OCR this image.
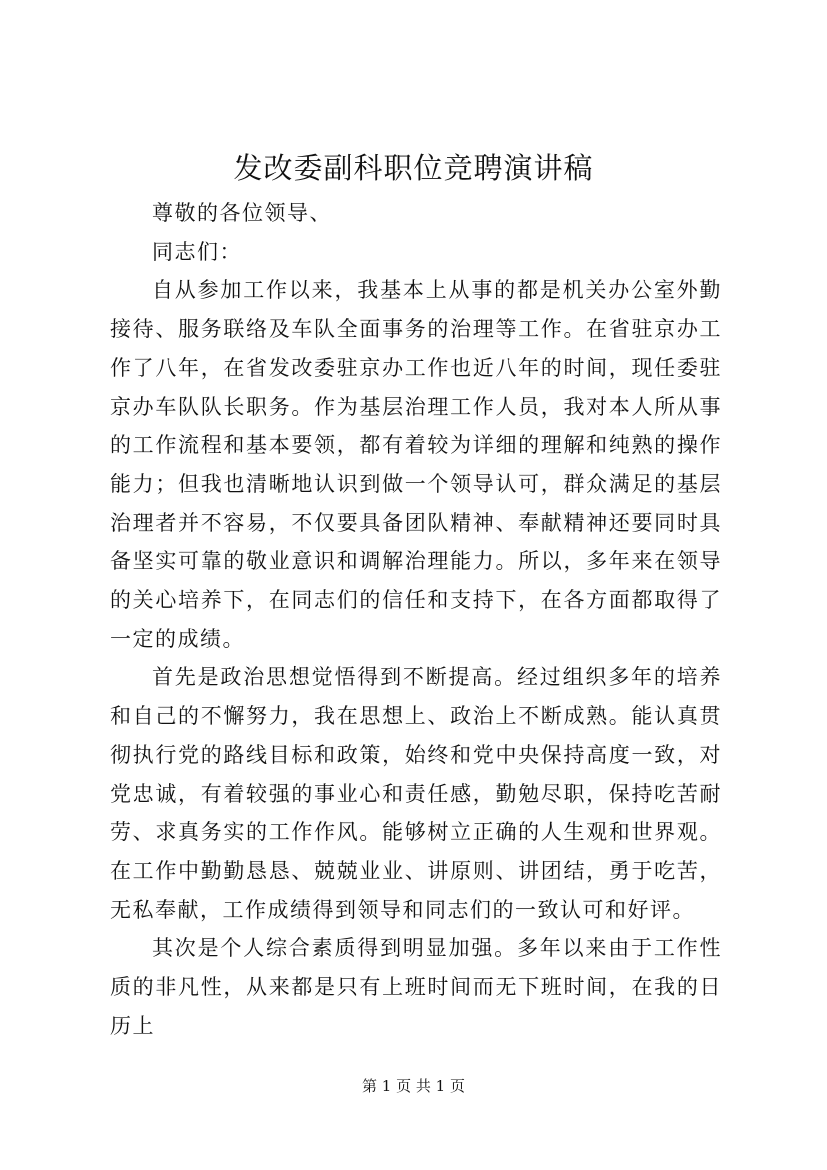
发改委副科职位竞聘演讲稿

尊敬的各位领导、

同志们：

自从参加工作以来，我基本上从事的都是机关办公室外勤接待、服务联络及车队全面事务的治理等工作。在省驻京办工作了八年，在省发改委驻京办工作也近八年的时间，现任委驻京办车队队长职务。作为基层治理工作人员，我对本人所从事的工作流程和基本要领，都有着较为详细的理解和纯熟的操作能力；但我也清晰地认识到做一个领导认可，群众满足的基层治理者并不容易，不仅要具备团队精神、奉献精神还要同时具备坚实可靠的敬业意识和调解治理能力。所以，多年来在领导的关心培养下，在同志们的信任和支持下，在各方面都取得了一定的成绩。

首先是政治思想觉悟得到不断提高。经过组织多年的培养和自己的不懈努力，我在思想上、政治上不断成熟。能认真贯彻执行党的路线目标和政策，始终和党中央保持高度一致，对党忠诚，有着较强的事业心和责任感，勤勉尽职，保持吃苦耐劳、求真务实的工作作风。能够树立正确的人生观和世界观。在工作中勤勤恳恳、兢兢业业、讲原则、讲团结，勇于吃苦，无私奉献，工作成绩得到领导和同志们的一致认可和好评。

其次是个人综合素质得到明显加强。多年以来由于工作性质的非凡性，从来都是只有上班时间而无下班时间，在我的日历上

第 1 页 共 1 页
